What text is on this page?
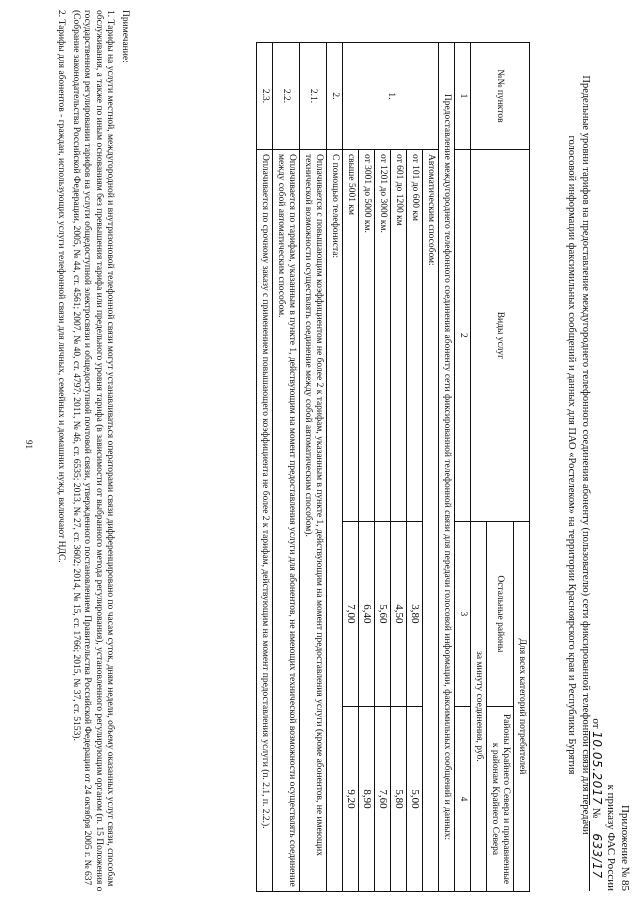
Приложение № 85
к приказу ФАС России
от 10.05.2017 № 633/17
Предельные уровни тарифов на предоставление междугороднего телефонного соединения абоненту (пользователю) сети фиксированной телефонной связи для передачи голосовой информации факсимильных сообщений и данных для ПАО «Ростелеком» на территории Красноярского края и Республики Бурятия
№№ пунктов	Виды услуг	Для всех категорий потребителей	
		Остальные районы	Районы Крайнего Севера и приравненные к районам Крайнего Севера
		за минуту соединения, руб.	
1	2	3	4
Предоставление междугороднего телефонного соединения абоненту сети фиксированной телефонной связи для передачи голосовой информации, факсимильных сообщений и данных:			
1.	Автоматическим способом:		
	от 101 до 600 км	3,80	5,00
	от 601 до 1200 км	4,50	5,80
	от 1201 до 3000 км.	5,60	7,60
	от 3001 до 5000 км.	6,40	8,90
	свыше 5001 км	7,00	9,20
2.	С помощью телефониста:		
2.1.	Оплачивается с повышающим коэффициентом не более 2 к тарифам, указанным в пункте 1, действующим на момент предоставления услуги (кроме абонентов, не имеющих технической возможности осуществлять соединение между собой автоматическим способом).		
2.2.	Оплачивается по тарифам, указанным в пункте 1, действующим на момент предоставления услуги для абонентов, не имеющих технической возможности осуществлять соединение между собой автоматическим способом.		
2.3.	Оплачивается по срочному заказу с применением повышающего коэффициента не более 2 к тарифам, действующим на момент предоставления услуги (п. 2.1, п. 2.2.).		

Примечание:

1. Тарифы на услуги местной, междугородной и внутризоновой телефонной связи могут устанавливаться операторами связи дифференцировано по часам суток, дням недели, объему оказанных услуг связи, способам обслуживания, а также по иным основаниям без превышения тарифа или предельного уровня тарифа (в зависимости от выбранного метода регулирования), установленного регулирующим органом (п. 15 Положения о государственном регулировании тарифов на услуги общедоступной электросвязи и общедоступной почтовой связи, утвержденного постановлением Правительства Российской Федерации от 24 октября 2005 г. № 637 (Собрание законодательства Российской Федерации, 2005, № 44, ст. 4561; 2007, № 40, ст. 4797; 2011, № 46, ст. 6535; 2013, № 27, ст. 3602; 2014, № 15, ст. 1766; 2015, № 37, ст. 5153).

2. Тарифы для абонентов - граждан, использующих услуги телефонной связи для личных, семейных и домашних нужд, включают НДС.

91
